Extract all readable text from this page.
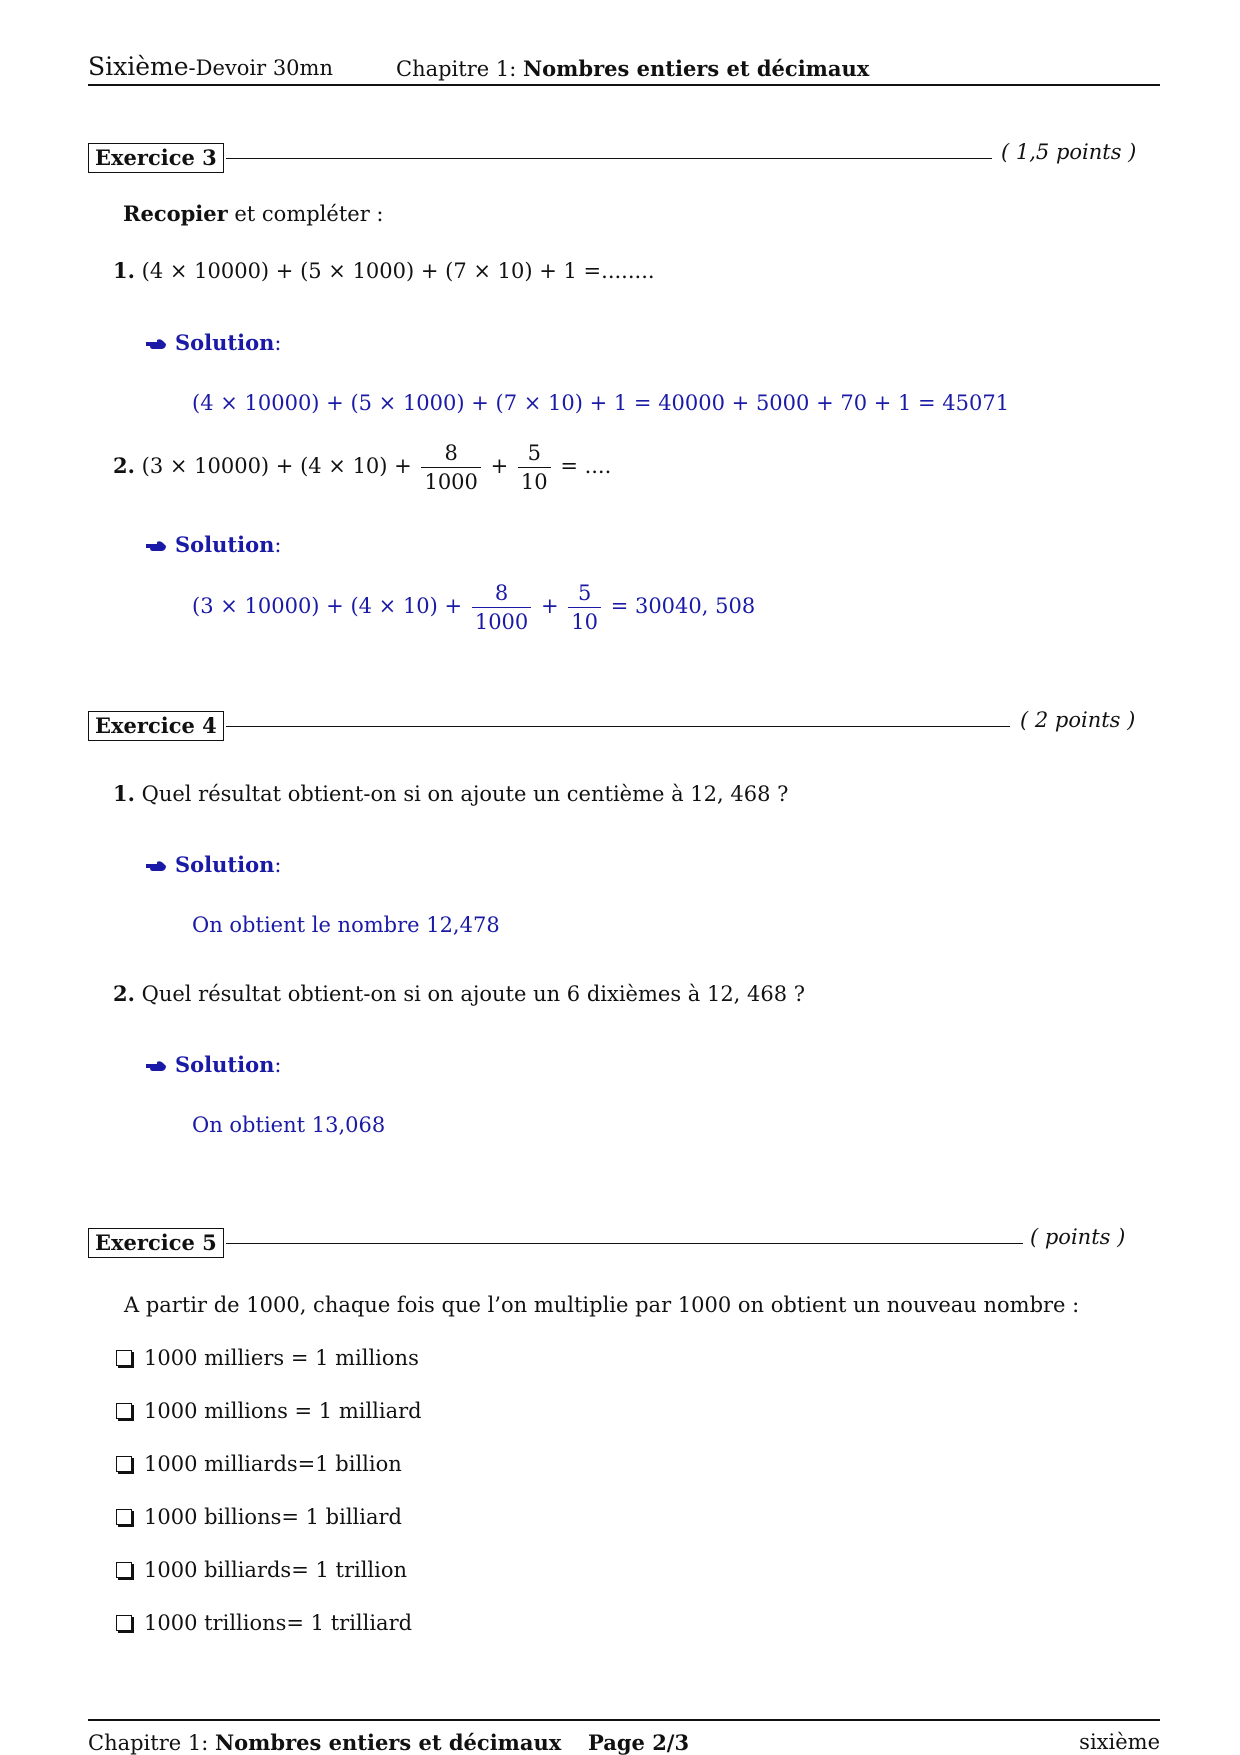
Sixième-Devoir 30mn	Chapitre 1: Nombres entiers et décimaux
Exercice 3	( 1,5 points )
Recopier et compléter :
1. (4 × 10000) + (5 × 1000) + (7 × 10) + 1 =........
Solution:
(4 × 10000) + (5 × 1000) + (7 × 10) + 1 = 40000 + 5000 + 70 + 1 = 45071
2. $(3 \times 10000) + (4 \times 10) + \frac{8}{1000} + \frac{5}{10}$ = ....
Solution:
$(3 \times 10000) + (4 \times 10) + \frac{8}{1000} + \frac{5}{10} = 30040$, 508
Exercice 4	( 2 points )
1. Quel résultat obtient-on si on ajoute un centième à 12, 468 ?
Solution:
On obtient le nombre 12,478
2. Quel résultat obtient-on si on ajoute un 6 dixièmes à 12, 468 ?
Solution:
On obtient 13,068
Exercice 5	( points )
A partir de 1000, chaque fois que l’on multiplie par 1000 on obtient un nouveau nombre :
1000 milliers = 1 millions
1000 millions = 1 milliard
1000 milliards=1 billion
1000 billions= 1 billiard
1000 billiards= 1 trillion
1000 trillions= 1 trilliard
Chapitre 1: Nombres entiers et décimaux Page 2/3	sixième
